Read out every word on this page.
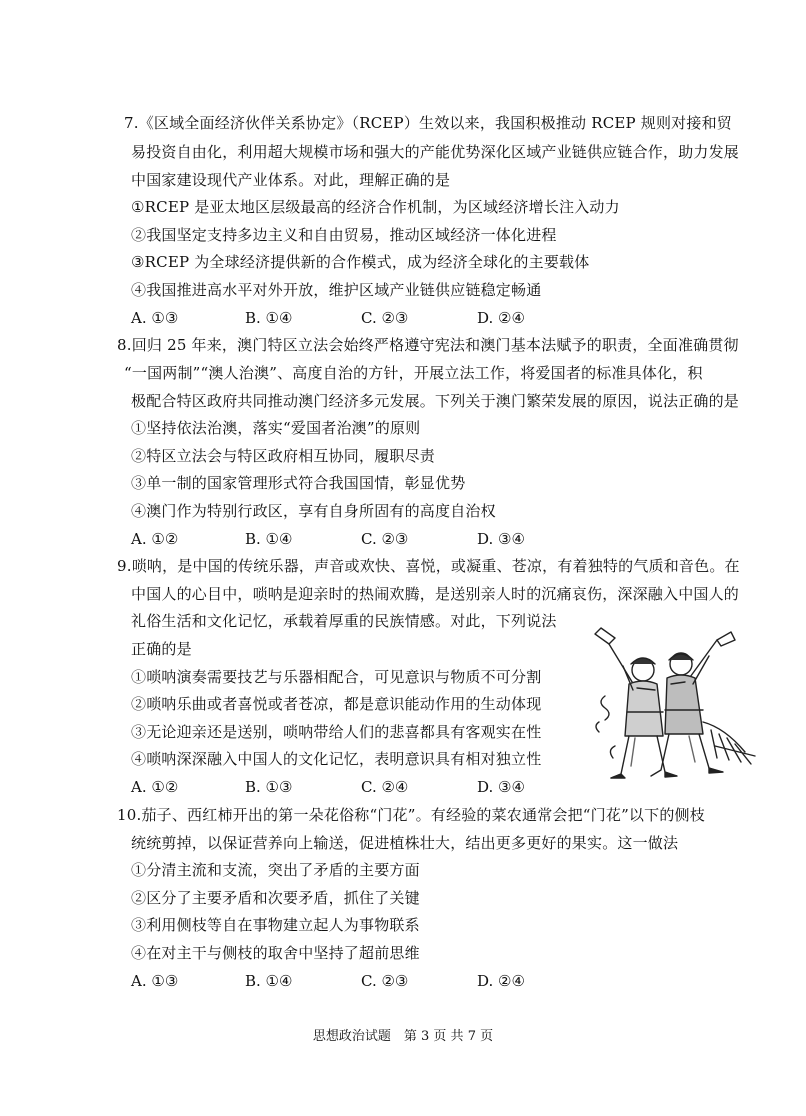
7.《区域全面经济伙伴关系协定》（RCEP）生效以来，我国积极推动 RCEP 规则对接和贸
易投资自由化，利用超大规模市场和强大的产能优势深化区域产业链供应链合作，助力发展
中国家建设现代产业体系。对此，理解正确的是
①RCEP 是亚太地区层级最高的经济合作机制，为区域经济增长注入动力
②我国坚定支持多边主义和自由贸易，推动区域经济一体化进程
③RCEP 为全球经济提供新的合作模式，成为经济全球化的主要载体
④我国推进高水平对外开放，维护区域产业链供应链稳定畅通
A. ①③	B. ①④	C. ②③	D. ②④
8.回归 25 年来，澳门特区立法会始终严格遵守宪法和澳门基本法赋予的职责，全面准确贯彻
“一国两制”“澳人治澳”、高度自治的方针，开展立法工作，将爱国者的标准具体化，积
极配合特区政府共同推动澳门经济多元发展。下列关于澳门繁荣发展的原因，说法正确的是
①坚持依法治澳，落实“爱国者治澳”的原则
②特区立法会与特区政府相互协同，履职尽责
③单一制的国家管理形式符合我国国情，彰显优势
④澳门作为特别行政区，享有自身所固有的高度自治权
A. ①②	B. ①④	C. ②③	D. ③④
9.唢呐，是中国的传统乐器，声音或欢快、喜悦，或凝重、苍凉，有着独特的气质和音色。在
中国人的心目中，唢呐是迎亲时的热闹欢腾，是送别亲人时的沉痛哀伤，深深融入中国人的
礼俗生活和文化记忆，承载着厚重的民族情感。对此，下列说法
正确的是
①唢呐演奏需要技艺与乐器相配合，可见意识与物质不可分割
②唢呐乐曲或者喜悦或者苍凉，都是意识能动作用的生动体现
③无论迎亲还是送别，唢呐带给人们的悲喜都具有客观实在性
④唢呐深深融入中国人的文化记忆，表明意识具有相对独立性
A. ①②	B. ①③	C. ②④	D. ③④
10.茄子、西红柿开出的第一朵花俗称“门花”。有经验的菜农通常会把“门花”以下的侧枝
统统剪掉，以保证营养向上输送，促进植株壮大，结出更多更好的果实。这一做法
①分清主流和支流，突出了矛盾的主要方面
②区分了主要矛盾和次要矛盾，抓住了关键
③利用侧枝等自在事物建立起人为事物联系
④在对主干与侧枝的取舍中坚持了超前思维
A. ①③	B. ①④	C. ②③	D. ②④
思想政治试题　第 3 页 共 7 页
